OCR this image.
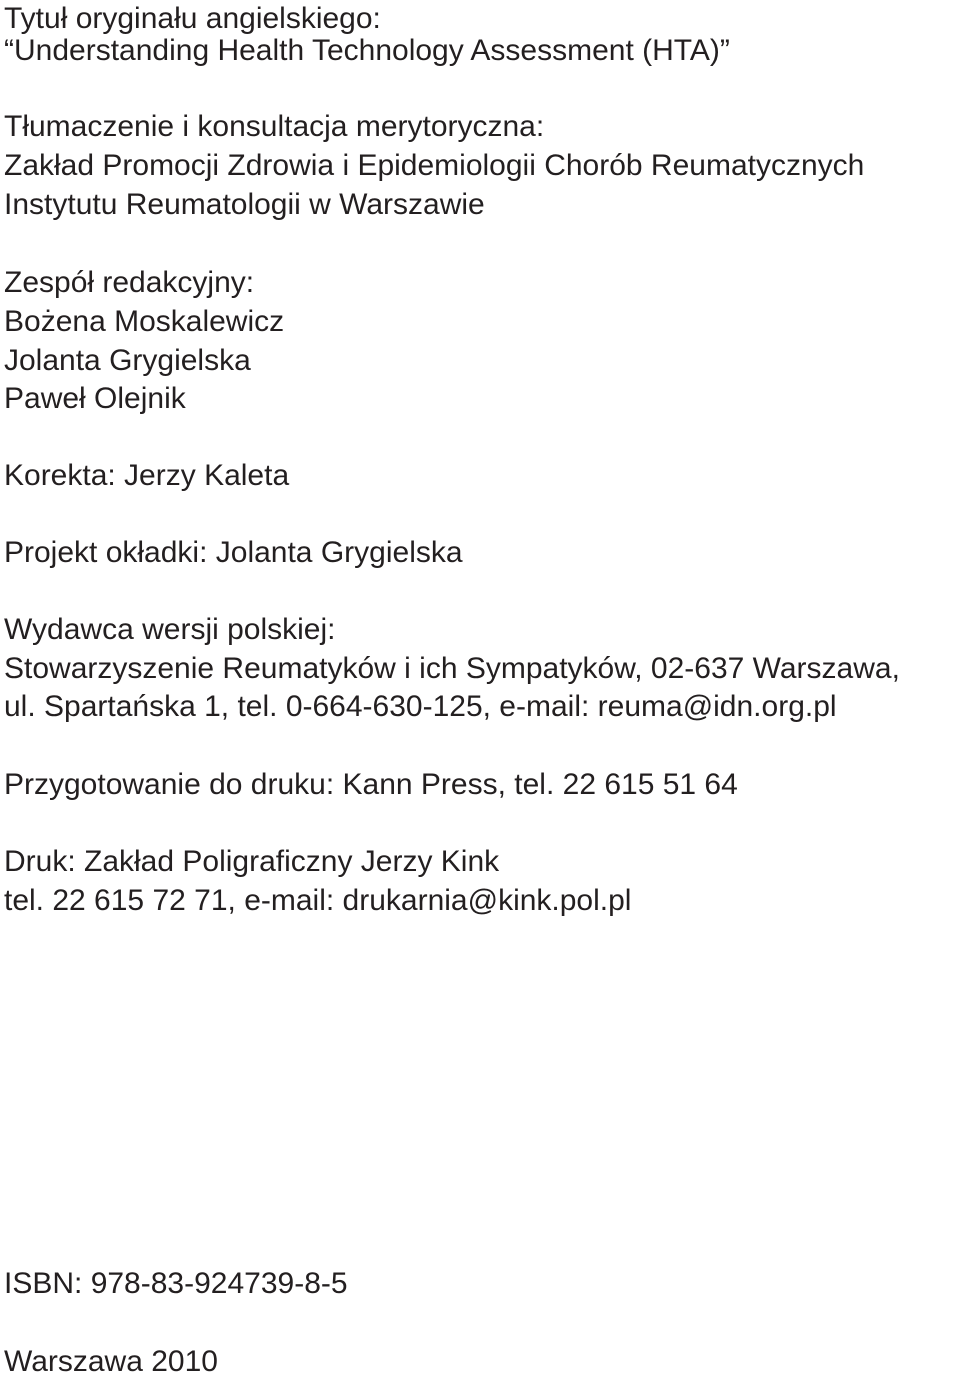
Tytuł oryginału angielskiego:

“Understanding Health Technology Assessment (HTA)”

Tłumaczenie i konsultacja merytoryczna:

Zakład Promocji Zdrowia i Epidemiologii Chorób Reumatycznych

Instytutu Reumatologii w Warszawie

Zespół redakcyjny:

Bożena Moskalewicz

Jolanta Grygielska

Paweł Olejnik

Korekta: Jerzy Kaleta

Projekt okładki: Jolanta Grygielska

Wydawca wersji polskiej:

Stowarzyszenie Reumatyków i ich Sympatyków, 02-637 Warszawa,

ul. Spartańska 1, tel. 0-664-630-125, e-mail: reuma@idn.org.pl

Przygotowanie do druku: Kann Press, tel. 22 615 51 64

Druk: Zakład Poligraficzny Jerzy Kink

tel. 22 615 72 71, e-mail: drukarnia@kink.pol.pl

ISBN: 978-83-924739-8-5

Warszawa 2010
